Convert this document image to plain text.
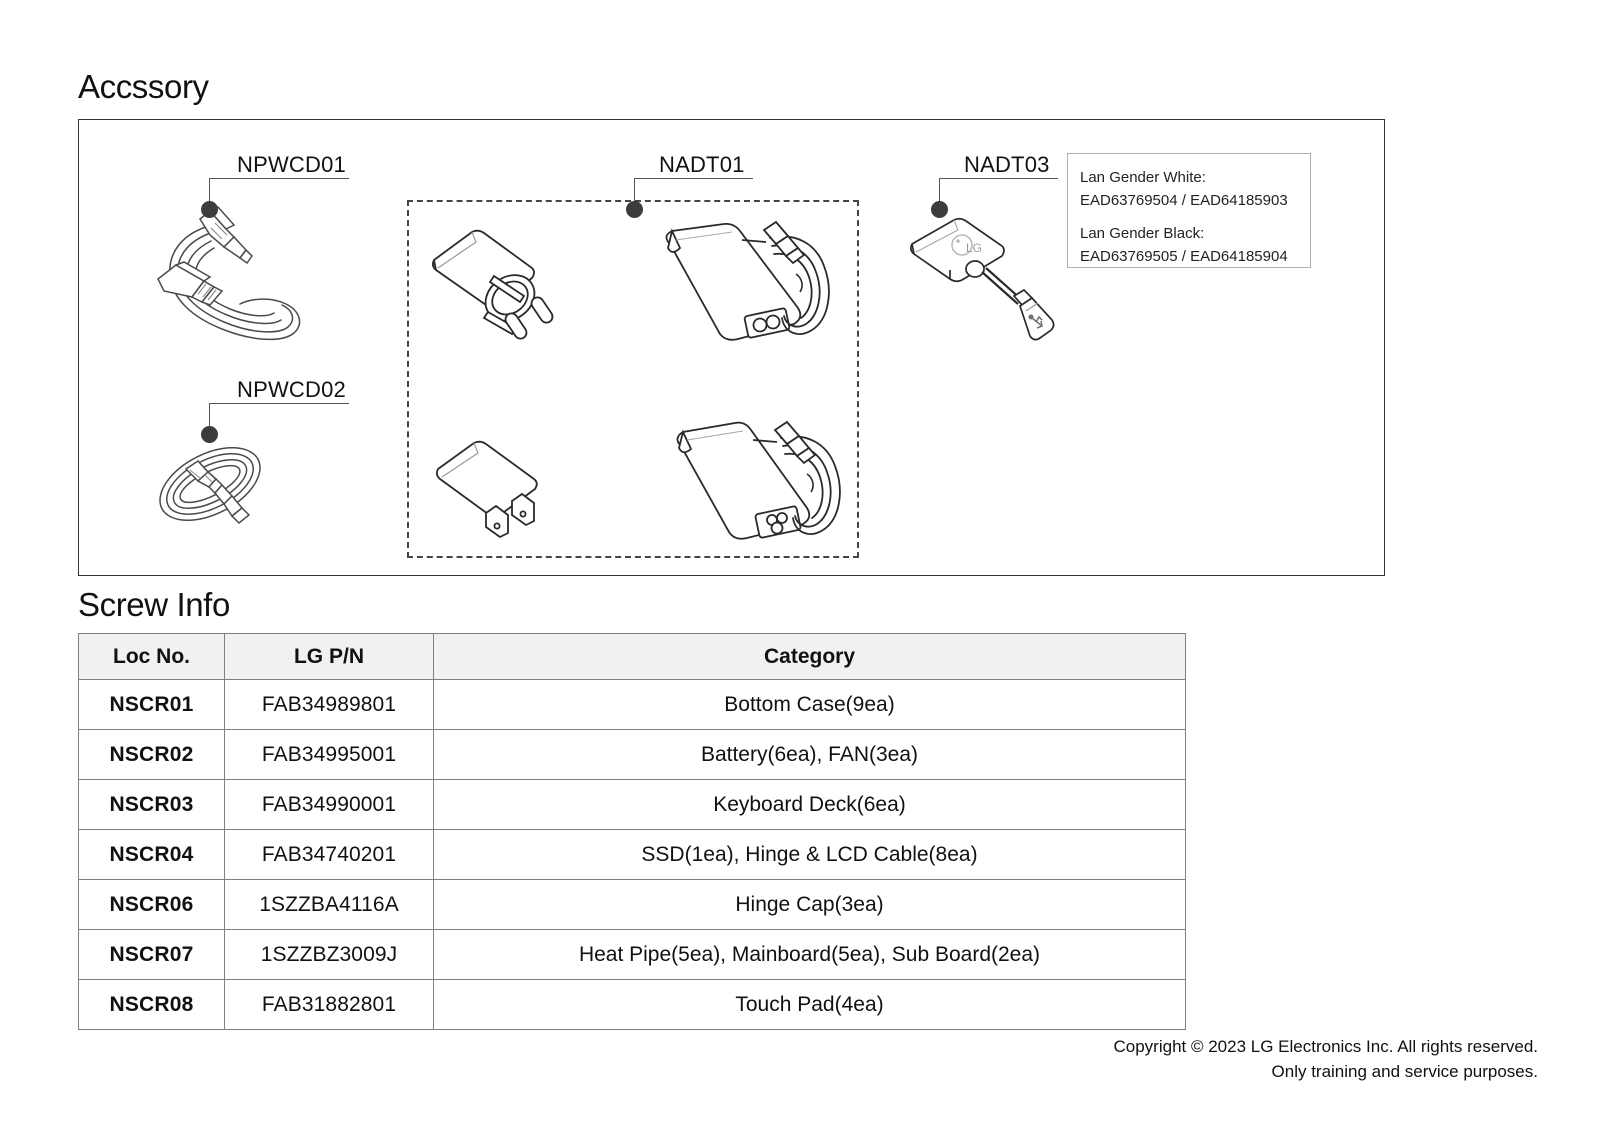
Accssory
LG
NPWCD01
NPWCD02
NADT01	NADT03
Lan Gender White:
EAD63769504 / EAD64185903
Lan Gender Black:
EAD63769505 / EAD64185904
Screw Info
Loc No.	LG P/N	Category
NSCR01	FAB34989801	Bottom Case(9ea)
NSCR02	FAB34995001	Battery(6ea), FAN(3ea)
NSCR03	FAB34990001	Keyboard Deck(6ea)
NSCR04	FAB34740201	SSD(1ea), Hinge & LCD Cable(8ea)
NSCR06	1SZZBA4116A	Hinge Cap(3ea)
NSCR07	1SZZBZ3009J	Heat Pipe(5ea), Mainboard(5ea), Sub Board(2ea)
NSCR08	FAB31882801	Touch Pad(4ea)
Copyright © 2023 LG Electronics Inc. All rights reserved.
Only training and service purposes.
